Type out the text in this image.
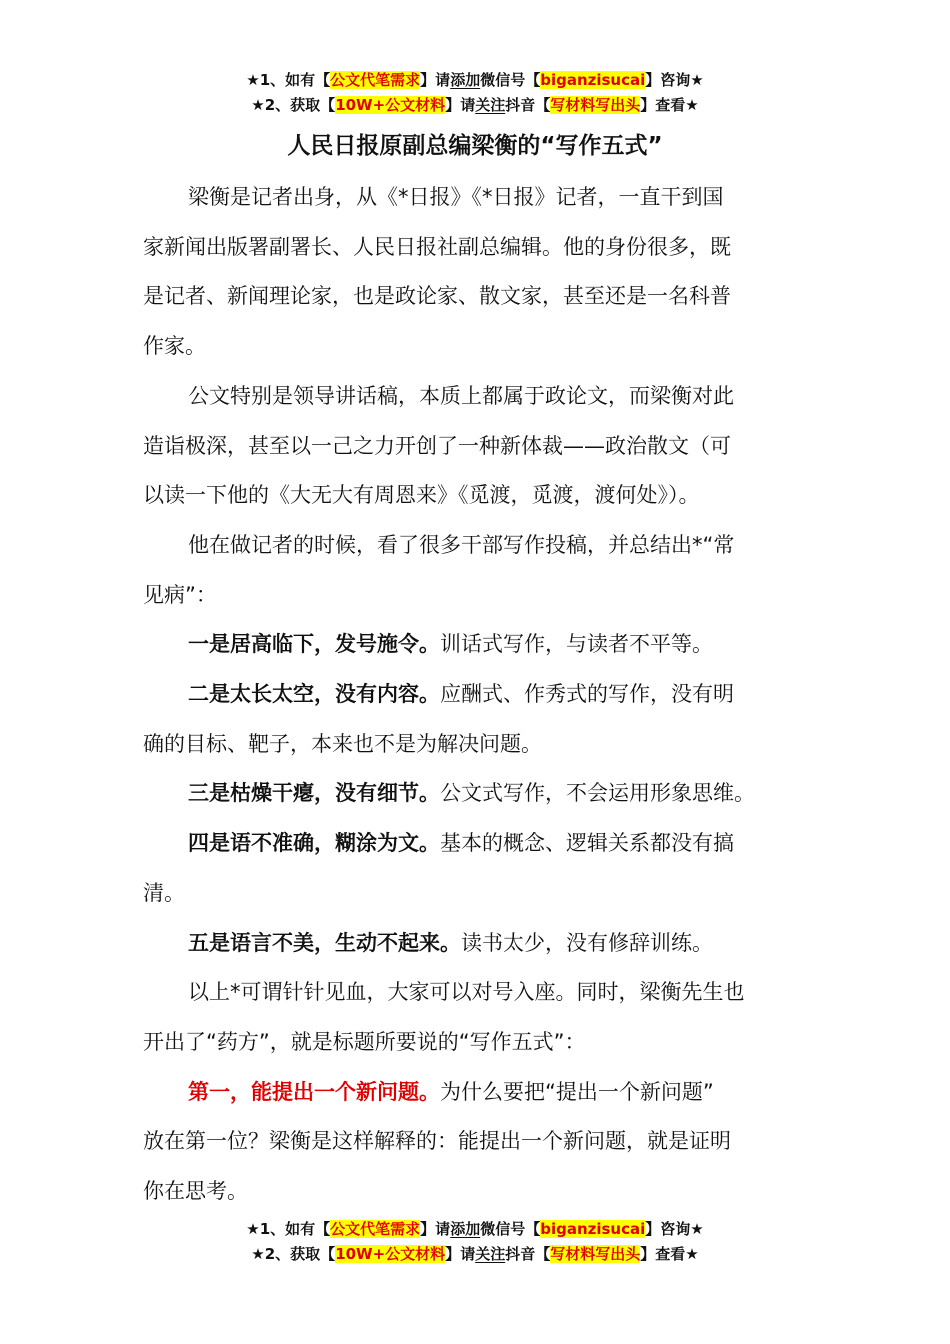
★1、如有【公文代笔需求】请添加微信号【biganzisucai】咨询★
★2、获取【10W+公文材料】请关注抖音【写材料写出头】查看★
人民日报原副总编梁衡的“写作五式”

梁衡是记者出身，从《*日报》《*日报》记者，一直干到国

家新闻出版署副署长、人民日报社副总编辑。他的身份很多，既

是记者、新闻理论家，也是政论家、散文家，甚至还是一名科普

作家。

公文特别是领导讲话稿，本质上都属于政论文，而梁衡对此

造诣极深，甚至以一己之力开创了一种新体裁——政治散文（可

以读一下他的《大无大有周恩来》《觅渡，觅渡，渡何处》）。

他在做记者的时候，看了很多干部写作投稿，并总结出*“常

见病”：

一是居高临下，发号施令。训话式写作，与读者不平等。

二是太长太空，没有内容。应酬式、作秀式的写作，没有明

确的目标、靶子，本来也不是为解决问题。

三是枯燥干瘪，没有细节。公文式写作，不会运用形象思维。

四是语不准确，糊涂为文。基本的概念、逻辑关系都没有搞

清。

五是语言不美，生动不起来。读书太少，没有修辞训练。

以上*可谓针针见血，大家可以对号入座。同时，梁衡先生也

开出了“药方”，就是标题所要说的“写作五式”：

第一，能提出一个新问题。为什么要把“提出一个新问题”

放在第一位？梁衡是这样解释的：能提出一个新问题，就是证明

你在思考。

★1、如有【公文代笔需求】请添加微信号【biganzisucai】咨询★
★2、获取【10W+公文材料】请关注抖音【写材料写出头】查看★
